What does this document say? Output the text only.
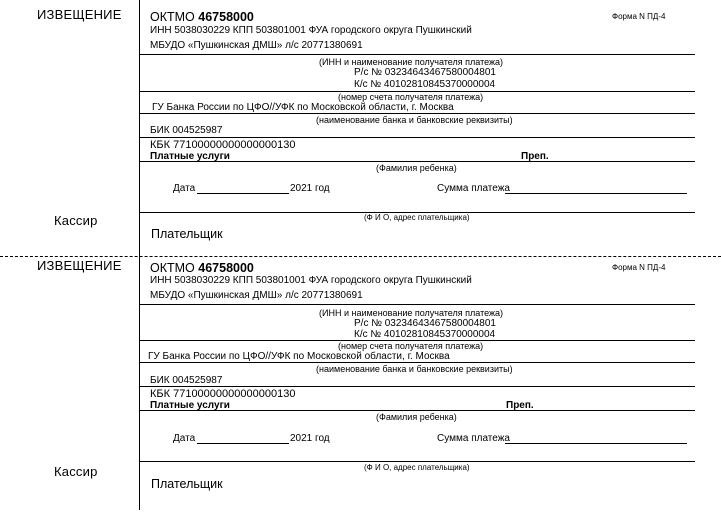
ИЗВЕЩЕНИЕ ОКТМО 46758000	Форма N ПД-4
ИНН 5038030229 КПП 503801001 ФУА городского округа Пушкинский
МБУДО «Пушкинская ДМШ» л/с 20771380691
(ИНН и наименование получателя платежа)
Р/с № 03234643467580004801
К/с № 40102810845370000004
(номер счета получателя платежа)
ГУ Банка России по ЦФО//УФК по Московской области, г. Москва
(наименование банка и банковские реквизиты)
БИК 004525987
КБК 77100000000000000130
Платные услуги	Преп.
(Фамилия ребенка)
Дата	2021 год	Сумма платежа
Кассир	(Ф И О, адрес плательщика)
Плательщик
ИЗВЕЩЕНИЕ ОКТМО 46758000	Форма N ПД-4
ИНН 5038030229 КПП 503801001 ФУА городского округа Пушкинский
МБУДО «Пушкинская ДМШ» л/с 20771380691
(ИНН и наименование получателя платежа)
Р/с № 03234643467580004801
К/с № 40102810845370000004
(номер счета получателя платежа)
ГУ Банка России по ЦФО//УФК по Московской области, г. Москва
(наименование банка и банковские реквизиты)
БИК 004525987
КБК 77100000000000000130
Платные услуги	Преп.
(Фамилия ребенка)
Дата	2021 год	Сумма платежа
Кассир	(Ф И О, адрес плательщика)
Плательщик
